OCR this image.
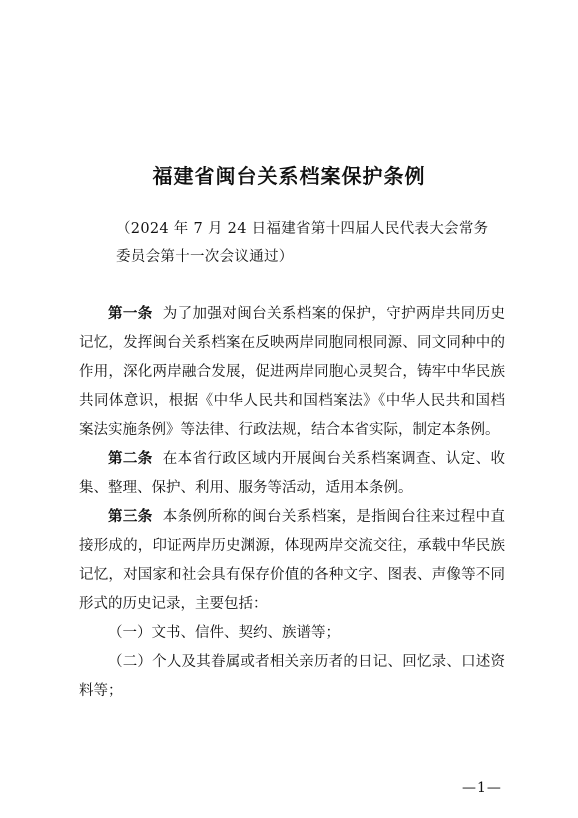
福建省闽台关系档案保护条例
（2024 年 7 月 24 日福建省第十四届人民代表大会常务
委员会第十一次会议通过）

第一条 为了加强对闽台关系档案的保护，守护两岸共同历史记忆，发挥闽台关系档案在反映两岸同胞同根同源、同文同种中的作用，深化两岸融合发展，促进两岸同胞心灵契合，铸牢中华民族共同体意识，根据《中华人民共和国档案法》《中华人民共和国档案法实施条例》等法律、行政法规，结合本省实际，制定本条例。

第二条 在本省行政区域内开展闽台关系档案调查、认定、收集、整理、保护、利用、服务等活动，适用本条例。

第三条 本条例所称的闽台关系档案，是指闽台往来过程中直接形成的，印证两岸历史渊源，体现两岸交流交往，承载中华民族记忆，对国家和社会具有保存价值的各种文字、图表、声像等不同形式的历史记录，主要包括：

（一）文书、信件、契约、族谱等；

（二）个人及其眷属或者相关亲历者的日记、回忆录、口述资料等；

—1—
